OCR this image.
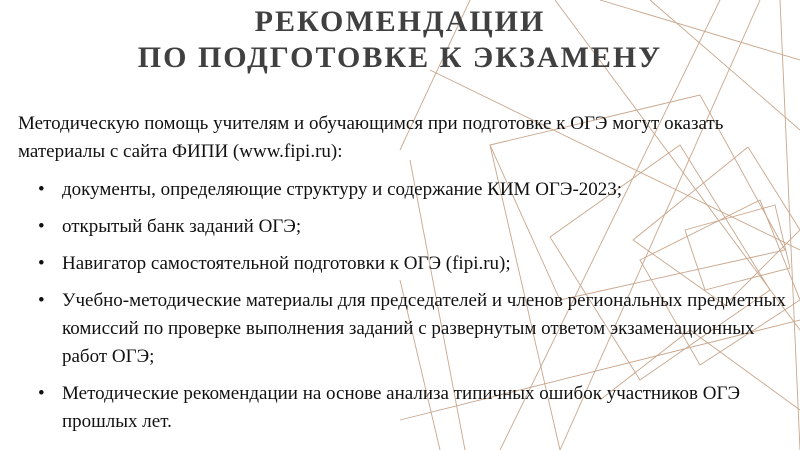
РЕКОМЕНДАЦИИ
ПО ПОДГОТОВКЕ К ЭКЗАМЕНУ

Методическую помощь учителям и обучающимся при подготовке к ОГЭ могут оказать материалы с сайта ФИПИ (www.fipi.ru):

• документы, определяющие структуру и содержание КИМ ОГЭ-2023;
• открытый банк заданий ОГЭ;
• Навигатор самостоятельной подготовки к ОГЭ (fipi.ru);
• Учебно-методические материалы для председателей и членов региональных предметных комиссий по проверке выполнения заданий с развернутым ответом экзаменационных работ ОГЭ;
• Методические рекомендации на основе анализа типичных ошибок участников ОГЭ прошлых лет.
